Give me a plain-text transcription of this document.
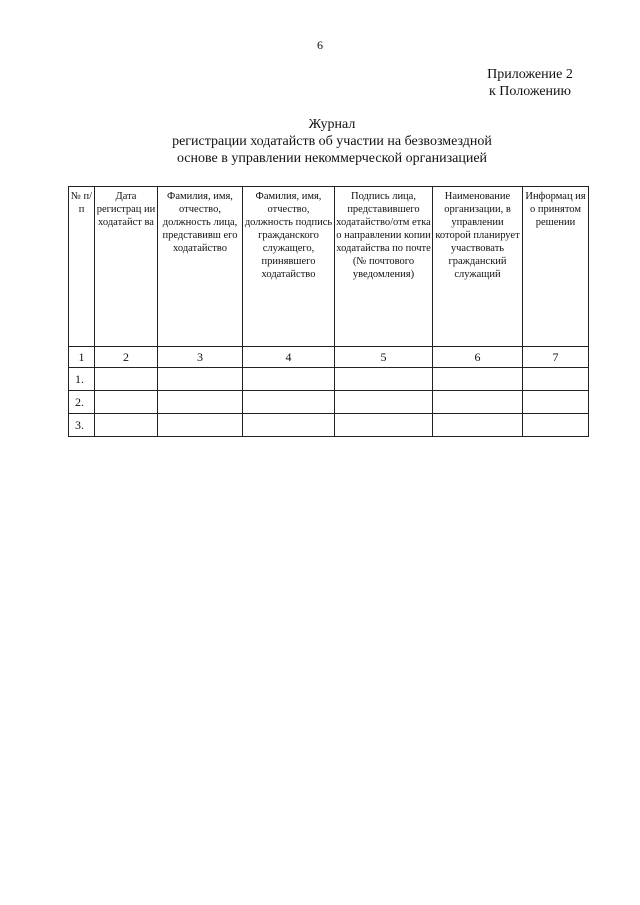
6
Приложение 2
к Положению
Журнал
регистрации ходатайств об участии на безвозмездной
основе в управлении некоммерческой организацией
№ п/п	Дата регистрац ии ходатайст ва	Фамилия, имя, отчество, должность лица, представивш его ходатайство	Фамилия, имя, отчество, должность подпись гражданского служащего, принявшего ходатайство	Подпись лица, представившего ходатайство/отм етка о направлении копии ходатайства по почте (№ почтового уведомления)	Наименование организации, в управлении которой планирует участвовать гражданский служащий	Информац ия о принятом решении
1	2	3	4	5	6	7
1.						
2.						
3.						
